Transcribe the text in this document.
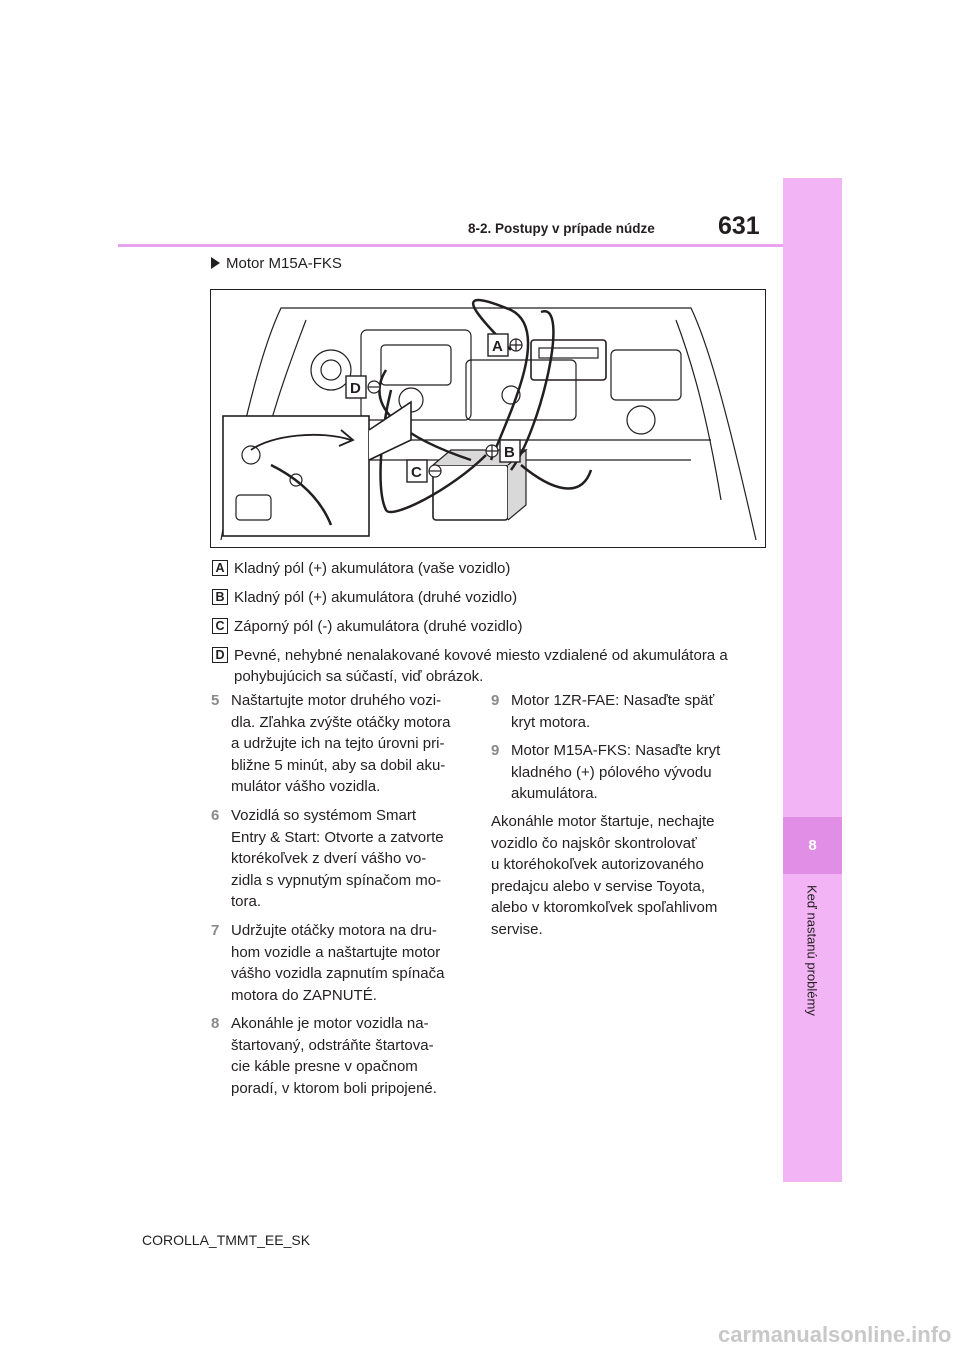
8
Keď nastanú problémy
631
8-2. Postupy v prípade núdze
Motor M15A-FKS
A
B
C
D
A Kladný pól (+) akumulátora (vaše vozidlo)
B Kladný pól (+) akumulátora (druhé vozidlo)
C Záporný pól (-) akumulátora (druhé vozidlo)
D Pevné, nehybné nenalakované kovové miesto vzdialené od akumulátora a pohybujúcich sa súčastí, viď obrázok.
5 Naštartujte motor druhého vozi-
dla. Zľahka zvýšte otáčky motora
a udržujte ich na tejto úrovni pri-
bližne 5 minút, aby sa dobil aku-
mulátor vášho vozidla.
6 Vozidlá so systémom Smart
Entry & Start: Otvorte a zatvorte
ktorékoľvek z dverí vášho vo-
zidla s vypnutým spínačom mo-
tora.
7 Udržujte otáčky motora na dru-
hom vozidle a naštartujte motor
vášho vozidla zapnutím spínača
motora do ZAPNUTÉ.
8 Akonáhle je motor vozidla na-
štartovaný, odstráňte štartova-
cie káble presne v opačnom
poradí, v ktorom boli pripojené.
9 Motor 1ZR-FAE: Nasaďte späť
kryt motora.
9 Motor M15A-FKS: Nasaďte kryt
kladného (+) pólového vývodu
akumulátora.
Akonáhle motor štartuje, nechajte
vozidlo čo najskôr skontrolovať
u ktoréhokoľvek autorizovaného
predajcu alebo v servise Toyota,
alebo v ktoromkoľvek spoľahlivom
servise.
COROLLA_TMMT_EE_SK
carmanualsonline.info
